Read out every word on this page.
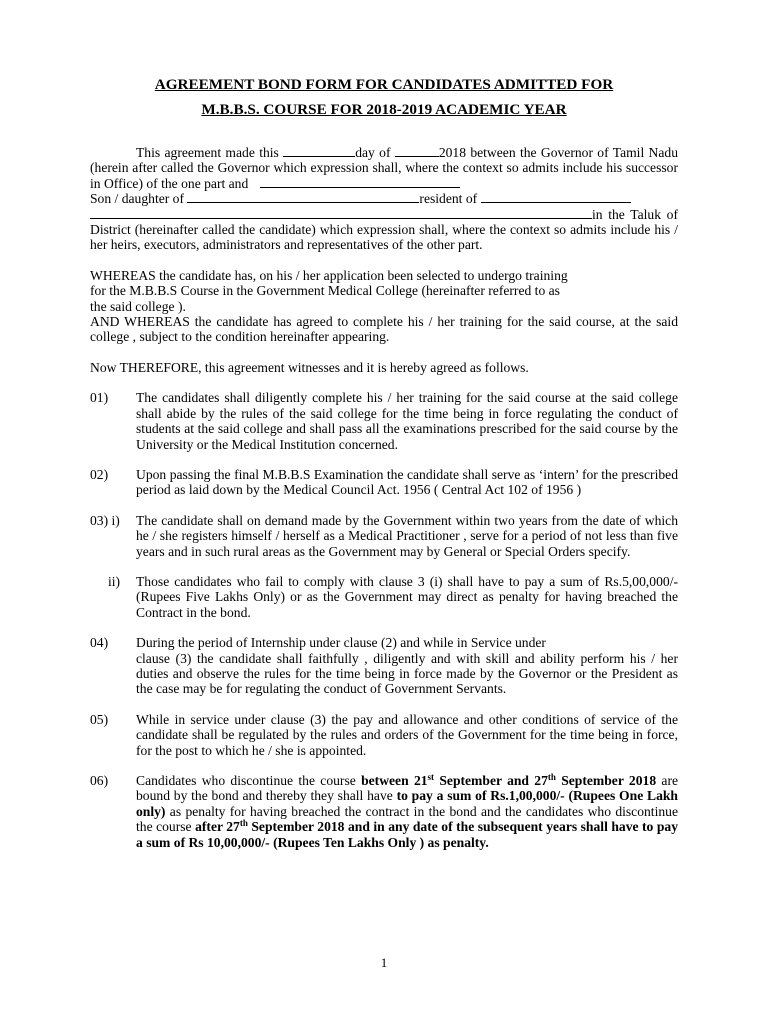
AGREEMENT BOND FORM FOR CANDIDATES ADMITTED FOR

M.B.B.S. COURSE FOR 2018-2019 ACADEMIC YEAR

This agreement made this	day of	2018 between the Governor of Tamil Nadu (herein after called the Governor which expression shall, where the context so admits include his successor in Office) of the one part and
Son / daughter of	resident of
in the Taluk of District (hereinafter called the candidate) which expression shall, where the context so admits include his / her heirs, executors, administrators and representatives of the other part.
WHEREAS the candidate has, on his / her application been selected to undergo training
for the M.B.B.S Course in the Government Medical College (hereinafter referred to as
the said college ).
AND WHEREAS the candidate has agreed to complete his / her training for the said course, at the said college , subject to the condition hereinafter appearing.
Now THEREFORE, this agreement witnesses and it is hereby agreed as follows.
01) The candidates shall diligently complete his / her training for the said course at the said college shall abide by the rules of the said college for the time being in force regulating the conduct of students at the said college and shall pass all the examinations prescribed for the said course by the University or the Medical Institution concerned.
02) Upon passing the final M.B.B.S Examination the candidate shall serve as ‘intern’ for the prescribed period as laid down by the Medical Council Act. 1956 ( Central Act 102 of 1956 )
03) i) The candidate shall on demand made by the Government within two years from the date of which he / she registers himself / herself as a Medical Practitioner , serve for a period of not less than five years and in such rural areas as the Government may by General or Special Orders specify.
ii) Those candidates who fail to comply with clause 3 (i) shall have to pay a sum of Rs.5,00,000/- (Rupees Five Lakhs Only) or as the Government may direct as penalty for having breached the Contract in the bond.
04) During the period of Internship under clause (2) and while in Service under
clause (3) the candidate shall faithfully , diligently and with skill and ability perform his / her duties and observe the rules for the time being in force made by the Governor or the President as the case may be for regulating the conduct of Government Servants.
05) While in service under clause (3) the pay and allowance and other conditions of service of the candidate shall be regulated by the rules and orders of the Government for the time being in force, for the post to which he / she is appointed.
06) Candidates who discontinue the course between 21st September and 27th September 2018 are bound by the bond and thereby they shall have to pay a sum of Rs.1,00,000/- (Rupees One Lakh only) as penalty for having breached the contract in the bond and the candidates who discontinue the course after 27th September 2018 and in any date of the subsequent years shall have to pay a sum of Rs 10,00,000/- (Rupees Ten Lakhs Only ) as penalty.
1
